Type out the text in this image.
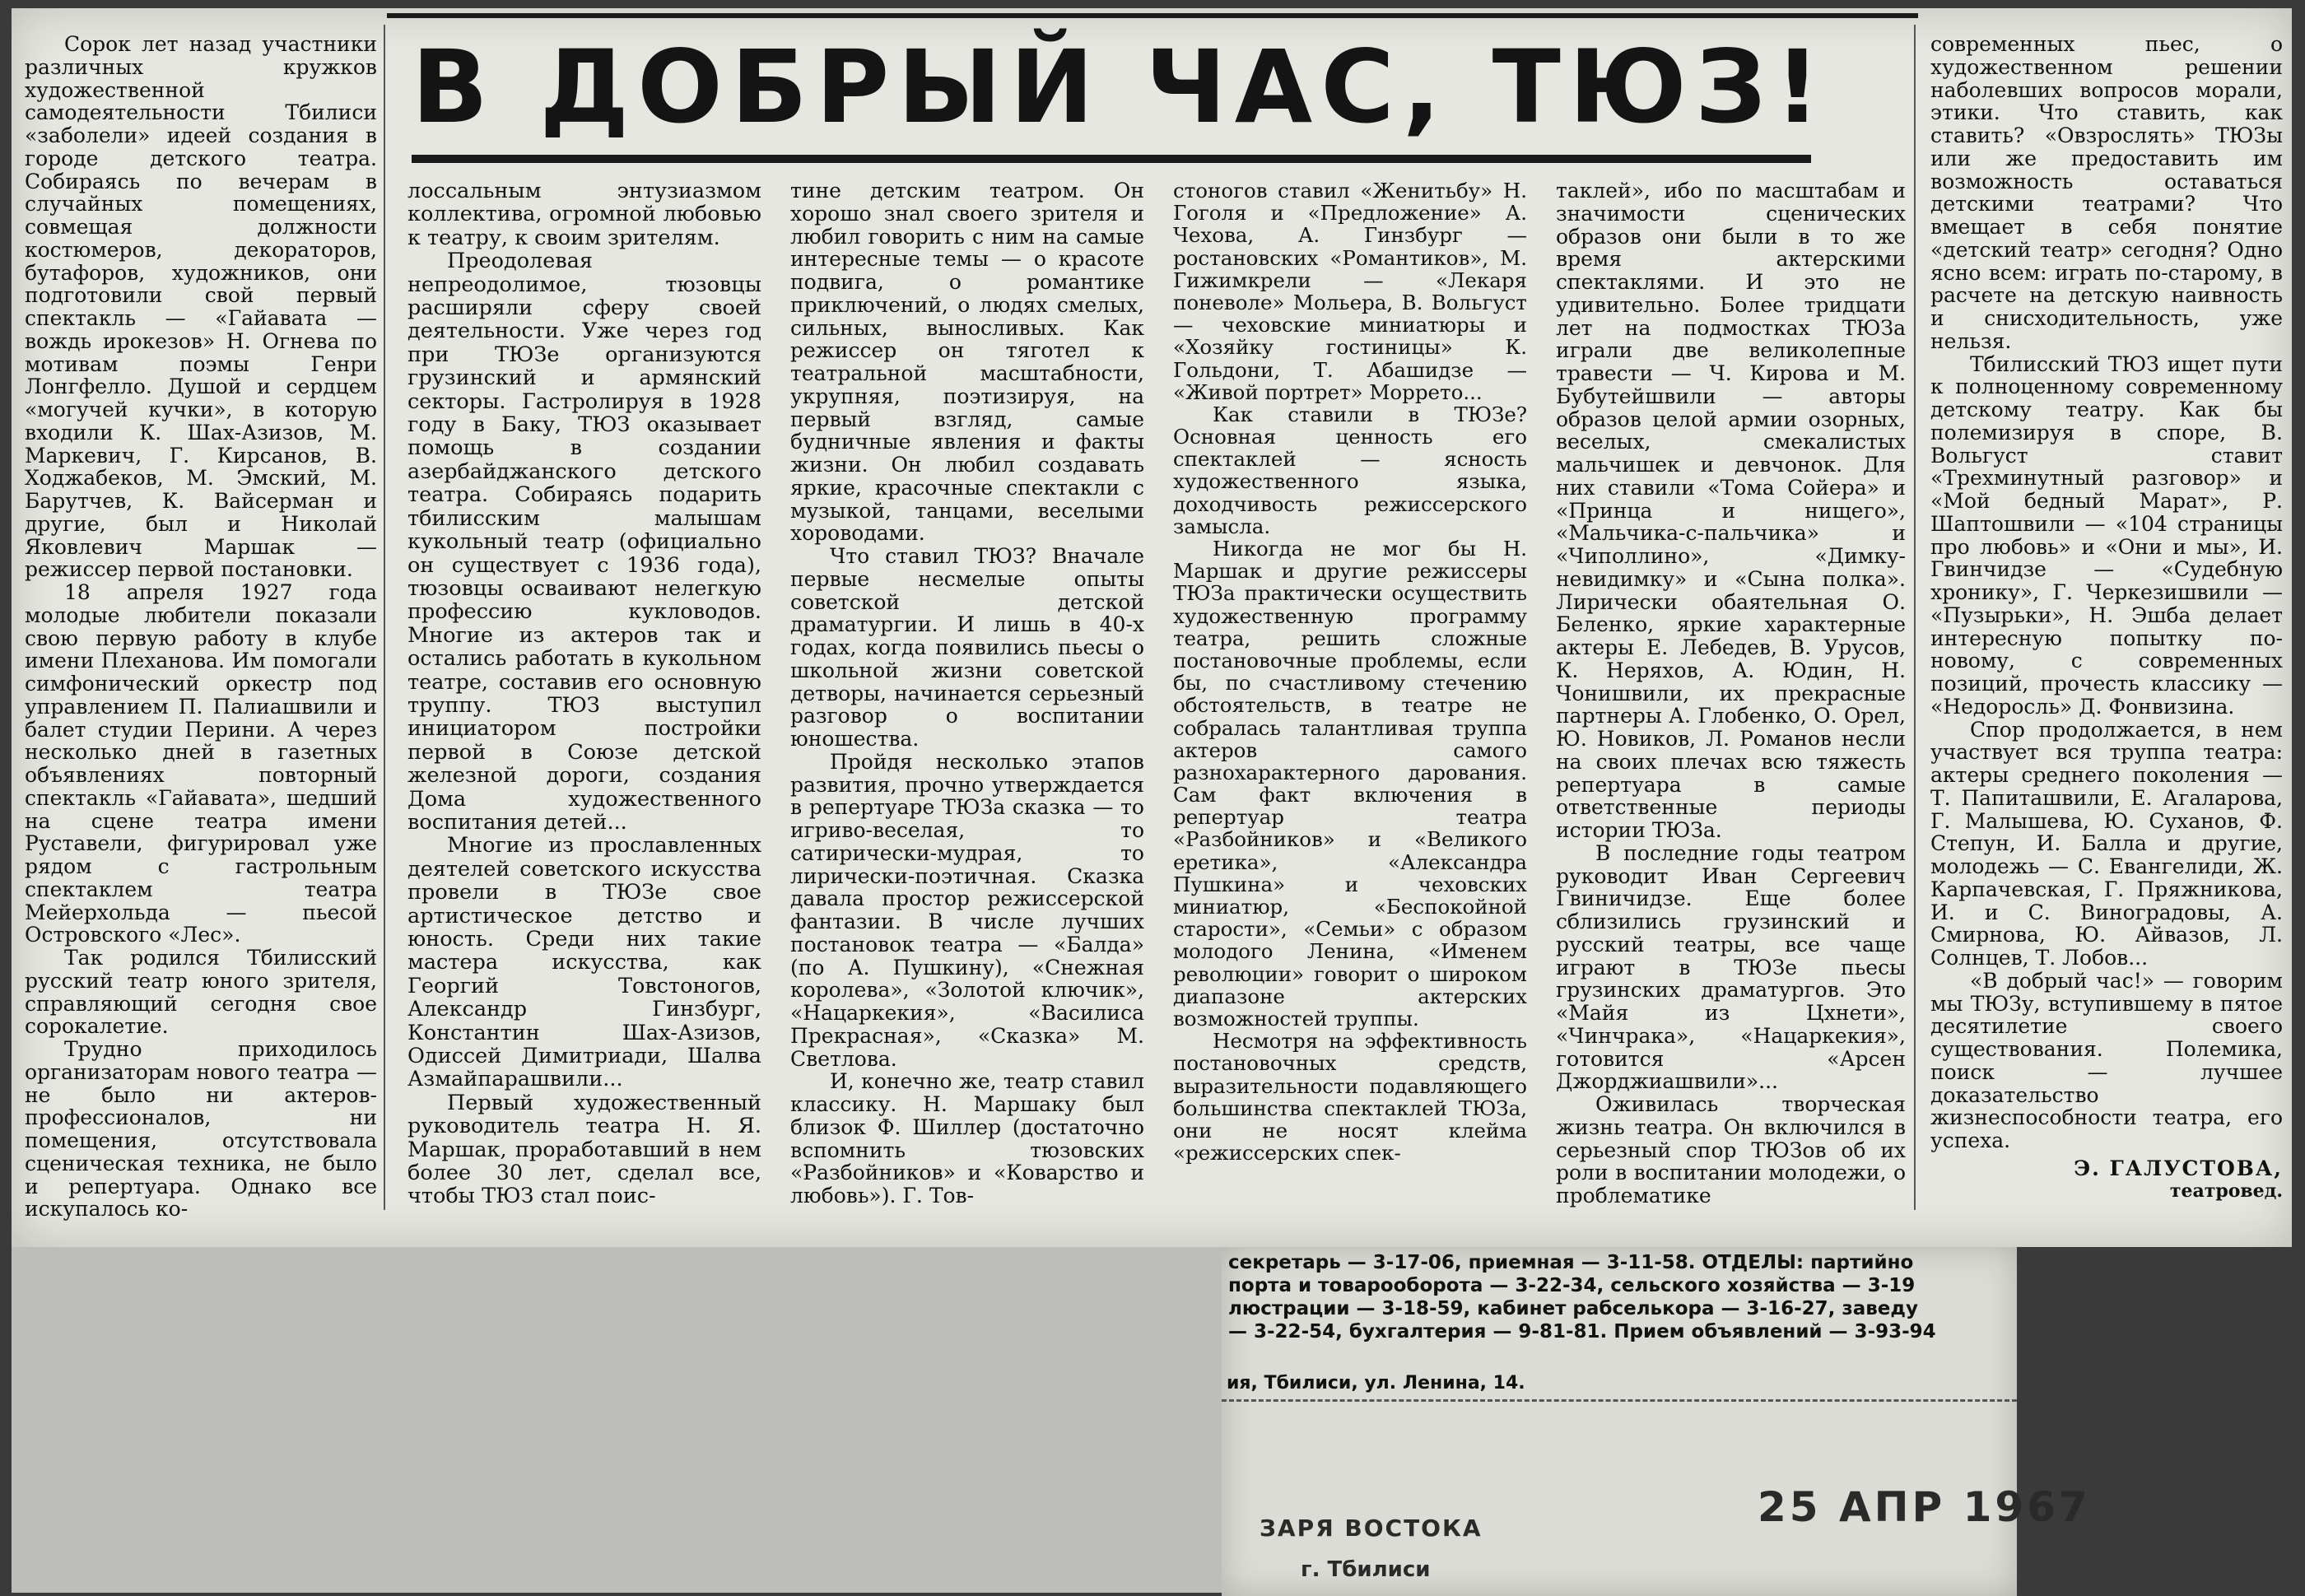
В ДОБРЫЙ ЧАС, ТЮЗ!

Сорок лет назад участники различных кружков художественной самодеятельности Тбилиси «заболели» идеей создания в городе детского театра. Собираясь по вечерам в случайных помещениях, совмещая должности костюмеров, декораторов, бутафоров, художников, они подготовили свой первый спектакль — «Гайавата — вождь ирокезов» Н. Огнева по мотивам поэмы Генри Лонгфелло. Душой и сердцем «могучей кучки», в которую входили К. Шах-Азизов, М. Маркевич, Г. Кирсанов, В. Ходжабеков, М. Эмский, М. Барутчев, К. Вайсерман и другие, был и Николай Яковлевич Маршак — режиссер первой постановки.

18 апреля 1927 года молодые любители показали свою первую работу в клубе имени Плеханова. Им помогали симфонический оркестр под управлением П. Палиашвили и балет студии Перини. А через несколько дней в газетных объявлениях повторный спектакль «Гайавата», шедший на сцене театра имени Руставели, фигурировал уже рядом с гастрольным спектаклем театра Мейерхольда — пьесой Островского «Лес».

Так родился Тбилисский русский театр юного зрителя, справляющий сегодня свое сорокалетие.

Трудно приходилось организаторам нового театра — не было ни актеров-профессионалов, ни помещения, отсутствовала сценическая техника, не было и репертуара. Однако все искупалось ко-

лоссальным энтузиазмом коллектива, огромной любовью к театру, к своим зрителям.

Преодолевая непреодолимое, тюзовцы расширяли сферу своей деятельности. Уже через год при ТЮЗе организуются грузинский и армянский секторы. Гастролируя в 1928 году в Баку, ТЮЗ оказывает помощь в создании азербайджанского детского театра. Собираясь подарить тбилисским малышам кукольный театр (официально он существует с 1936 года), тюзовцы осваивают нелегкую профессию кукловодов. Многие из актеров так и остались работать в кукольном театре, составив его основную труппу. ТЮЗ выступил инициатором постройки первой в Союзе детской железной дороги, создания Дома художественного воспитания детей...

Многие из прославленных деятелей советского искусства провели в ТЮЗе свое артистическое детство и юность. Среди них такие мастера искусства, как Георгий Товстоногов, Александр Гинзбург, Константин Шах-Азизов, Одиссей Димитриади, Шалва Азмайпарашвили...

Первый художественный руководитель театра Н. Я. Маршак, проработавший в нем более 30 лет, сделал все, чтобы ТЮЗ стал поис-

тине детским театром. Он хорошо знал своего зрителя и любил говорить с ним на самые интересные темы — о красоте подвига, о романтике приключений, о людях смелых, сильных, выносливых. Как режиссер он тяготел к театральной масштабности, укрупняя, поэтизируя, на первый взгляд, самые будничные явления и факты жизни. Он любил создавать яркие, красочные спектакли с музыкой, танцами, веселыми хороводами.

Что ставил ТЮЗ? Вначале первые несмелые опыты советской детской драматургии. И лишь в 40-х годах, когда появились пьесы о школьной жизни советской детворы, начинается серьезный разговор о воспитании юношества.

Пройдя несколько этапов развития, прочно утверждается в репертуаре ТЮЗа сказка — то игриво-веселая, то сатирически-мудрая, то лирически-поэтичная. Сказка давала простор режиссерской фантазии. В числе лучших постановок театра — «Балда» (по А. Пушкину), «Снежная королева», «Золотой ключик», «Нацаркекия», «Василиса Прекрасная», «Сказка» М. Светлова.

И, конечно же, театр ставил классику. Н. Маршаку был близок Ф. Шиллер (достаточно вспомнить тюзовских «Разбойников» и «Коварство и любовь»). Г. Тов-

стоногов ставил «Женитьбу» Н. Гоголя и «Предложение» А. Чехова, А. Гинзбург — ростановских «Романтиков», М. Гижимкрели — «Лекаря поневоле» Мольера, В. Вольгуст — чеховские миниатюры и «Хозяйку гостиницы» К. Гольдони, Т. Абашидзе — «Живой портрет» Моррето...

Как ставили в ТЮЗе? Основная ценность его спектаклей — ясность художественного языка, доходчивость режиссерского замысла.

Никогда не мог бы Н. Маршак и другие режиссеры ТЮЗа практически осуществить художественную программу театра, решить сложные постановочные проблемы, если бы, по счастливому стечению обстоятельств, в театре не собралась талантливая труппа актеров самого разнохарактерного дарования. Сам факт включения в репертуар театра «Разбойников» и «Великого еретика», «Александра Пушкина» и чеховских миниатюр, «Беспокойной старости», «Семьи» с образом молодого Ленина, «Именем революции» говорит о широком диапазоне актерских возможностей труппы.

Несмотря на эффективность постановочных средств, выразительности подавляющего большинства спектаклей ТЮЗа, они не носят клейма «режиссерских спек-

таклей», ибо по масштабам и значимости сценических образов они были в то же время актерскими спектаклями. И это не удивительно. Более тридцати лет на подмостках ТЮЗа играли две великолепные травести — Ч. Кирова и М. Бубутейшвили — авторы образов целой армии озорных, веселых, смекалистых мальчишек и девчонок. Для них ставили «Тома Сойера» и «Принца и нищего», «Мальчика-с-пальчика» и «Чиполлино», «Димку-невидимку» и «Сына полка». Лирически обаятельная О. Беленко, яркие характерные актеры Е. Лебедев, В. Урусов, К. Неряхов, А. Юдин, Н. Чонишвили, их прекрасные партнеры А. Глобенко, О. Орел, Ю. Новиков, Л. Романов несли на своих плечах всю тяжесть репертуара в самые ответственные периоды истории ТЮЗа.

В последние годы театром руководит Иван Сергеевич Гвиничидзе. Еще более сблизились грузинский и русский театры, все чаще играют в ТЮЗе пьесы грузинских драматургов. Это «Майя из Цхнети», «Чинчрака», «Нацаркекия», готовится «Арсен Джорджиашвили»...

Оживилась творческая жизнь театра. Он включился в серьезный спор ТЮЗов об их роли в воспитании молодежи, о проблематике

современных пьес, о художественном решении наболевших вопросов морали, этики. Что ставить, как ставить? «Овзрослять» ТЮЗы или же предоставить им возможность оставаться детскими театрами? Что вмещает в себя понятие «детский театр» сегодня? Одно ясно всем: играть по-старому, в расчете на детскую наивность и снисходительность, уже нельзя.

Тбилисский ТЮЗ ищет пути к полноценному современному детскому театру. Как бы полемизируя в споре, В. Вольгуст ставит «Трехминутный разговор» и «Мой бедный Марат», Р. Шаптошвили — «104 страницы про любовь» и «Они и мы», И. Гвинчидзе — «Судебную хронику», Г. Черкезишвили — «Пузырьки», Н. Эшба делает интересную попытку по-новому, с современных позиций, прочесть классику — «Недоросль» Д. Фонвизина.

Спор продолжается, в нем участвует вся труппа театра: актеры среднего поколения — Т. Папиташвили, Е. Агаларова, Г. Малышева, Ю. Суханов, Ф. Степун, И. Балла и другие, молодежь — С. Евангелиди, Ж. Карпачевская, Г. Пряжникова, И. и С. Виноградовы, А. Смирнова, Ю. Айвазов, Л. Солнцев, Т. Лобов...

«В добрый час!» — говорим мы ТЮЗу, вступившему в пятое десятилетие своего существования. Полемика, поиск — лучшее доказательство жизнеспособности театра, его успеха.

Э. ГАЛУСТОВА,

театровед.

секретарь — 3-17-06, приемная — 3-11-58. ОТДЕЛЫ: партийно
порта и товарооборота — 3-22-34, сельского хозяйства — 3-19
люстрации — 3-18-59, кабинет рабселькора — 3-16-27, заведу
— 3-22-54, бухгалтерия — 9-81-81. Прием объявлений — 3-93-94
ия, Тбилиси, ул. Ленина, 14.
ЗАРЯ ВОСТОКА
г. Тбилиси
25 АПР 1967
